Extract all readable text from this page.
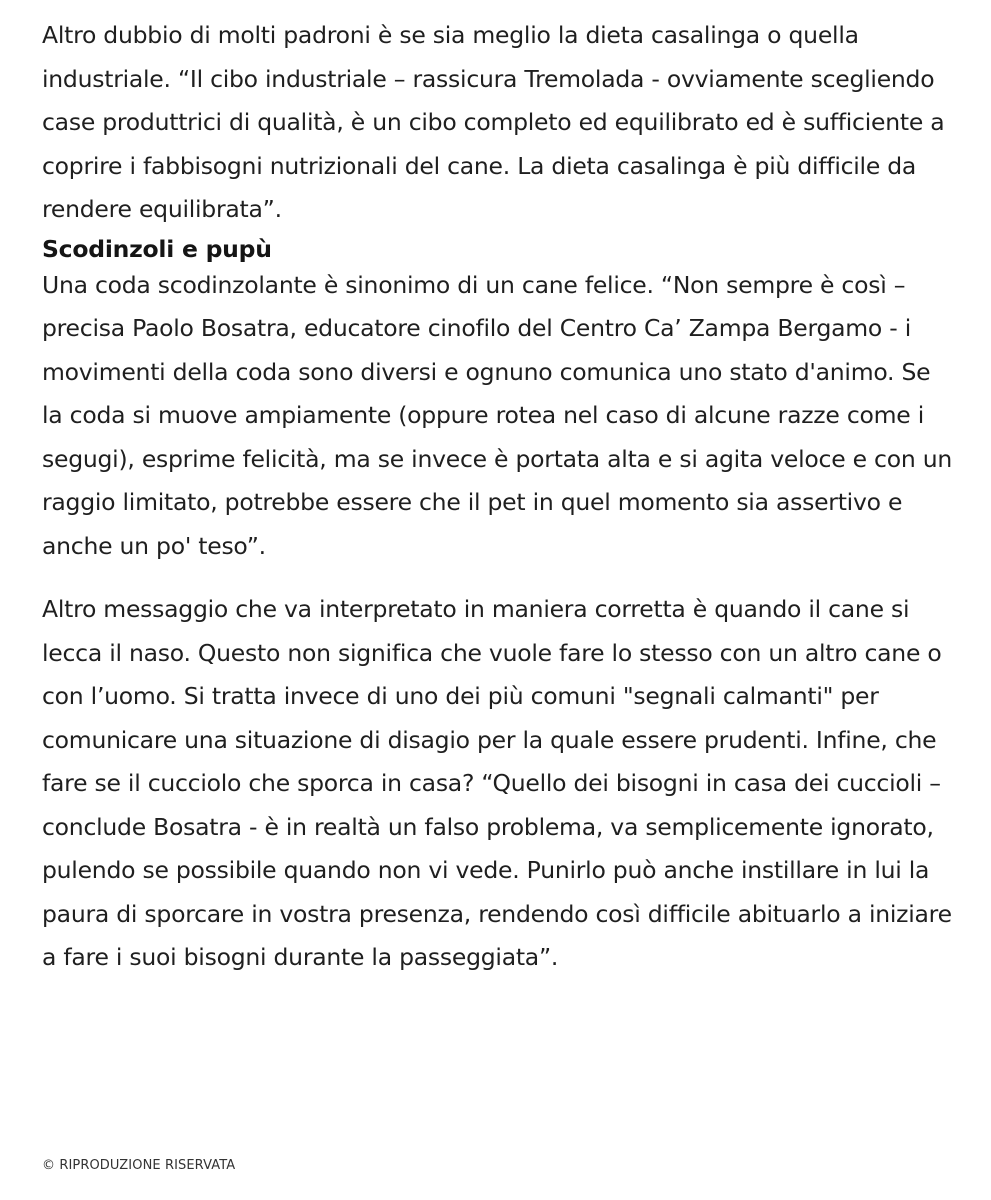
Altro dubbio di molti padroni è se sia meglio la dieta casalinga o quella industriale. “Il cibo industriale – rassicura Tremolada - ovviamente scegliendo case produttrici di qualità, è un cibo completo ed equilibrato ed è sufficiente a coprire i fabbisogni nutrizionali del cane. La dieta casalinga è più difficile da rendere equilibrata”.

Scodinzoli e pupù

Una coda scodinzolante è sinonimo di un cane felice. “Non sempre è così – precisa Paolo Bosatra, educatore cinofilo del Centro Ca’ Zampa Bergamo - i movimenti della coda sono diversi e ognuno comunica uno stato d'animo. Se la coda si muove ampiamente (oppure rotea nel caso di alcune razze come i segugi), esprime felicità, ma se invece è portata alta e si agita veloce e con un raggio limitato, potrebbe essere che il pet in quel momento sia assertivo e anche un po' teso”.

Altro messaggio che va interpretato in maniera corretta è quando il cane si lecca il naso. Questo non significa che vuole fare lo stesso con un altro cane o con l’uomo. Si tratta invece di uno dei più comuni "segnali calmanti" per comunicare una situazione di disagio per la quale essere prudenti. Infine, che fare se il cucciolo che sporca in casa? “Quello dei bisogni in casa dei cuccioli – conclude Bosatra - è in realtà un falso problema, va semplicemente ignorato, pulendo se possibile quando non vi vede. Punirlo può anche instillare in lui la paura di sporcare in vostra presenza, rendendo così difficile abituarlo a iniziare a fare i suoi bisogni durante la passeggiata”.

© RIPRODUZIONE RISERVATA
